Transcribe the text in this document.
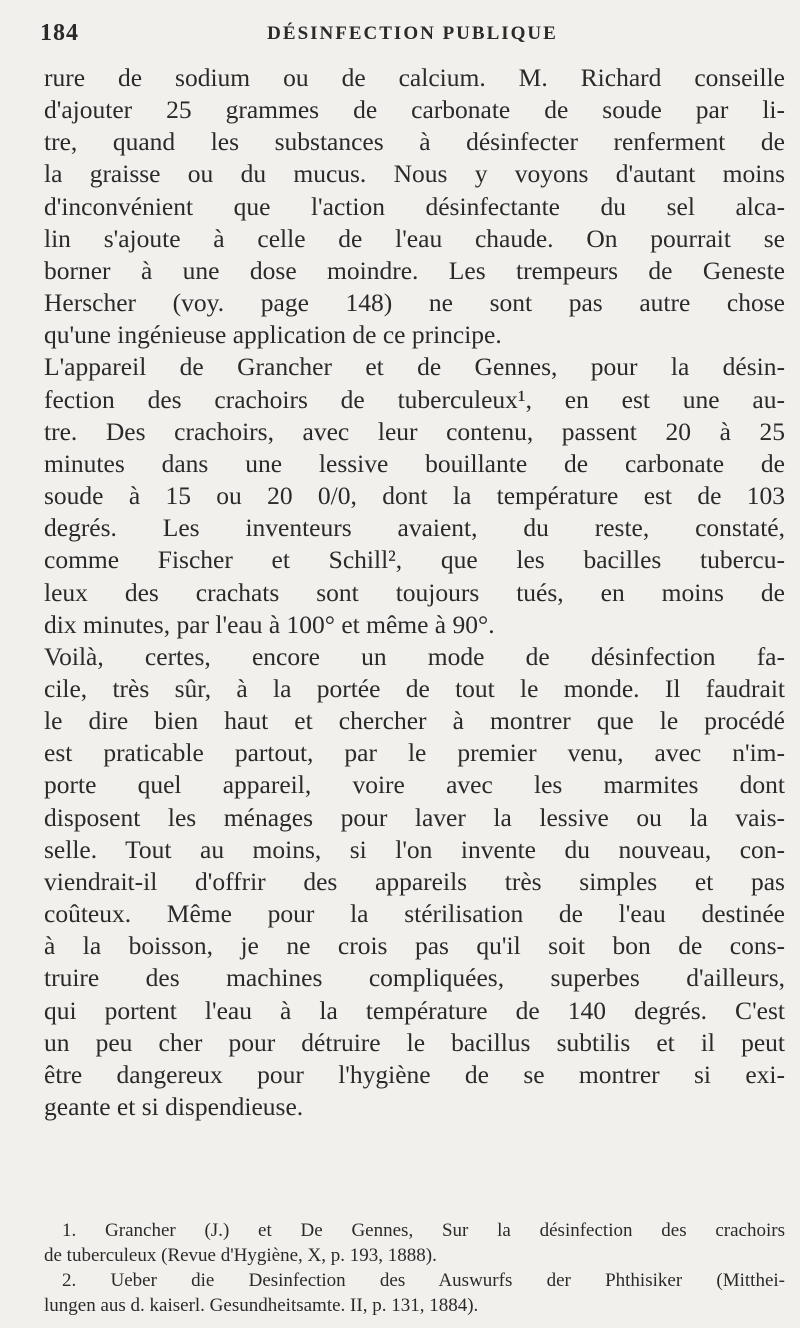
184	DÉSINFECTION PUBLIQUE
rure de sodium ou de calcium. M. Richard conseille
d'ajouter 25 grammes de carbonate de soude par li-
tre, quand les substances à désinfecter renferment de
la graisse ou du mucus. Nous y voyons d'autant moins
d'inconvénient que l'action désinfectante du sel alca-
lin s'ajoute à celle de l'eau chaude. On pourrait se
borner à une dose moindre. Les trempeurs de Geneste
Herscher (voy. page 148) ne sont pas autre chose
qu'une ingénieuse application de ce principe.
L'appareil de Grancher et de Gennes, pour la désin-
fection des crachoirs de tuberculeux¹, en est une au-
tre. Des crachoirs, avec leur contenu, passent 20 à 25
minutes dans une lessive bouillante de carbonate de
soude à 15 ou 20 0/0, dont la température est de 103
degrés. Les inventeurs avaient, du reste, constaté,
comme Fischer et Schill², que les bacilles tubercu-
leux des crachats sont toujours tués, en moins de
dix minutes, par l'eau à 100° et même à 90°.
Voilà, certes, encore un mode de désinfection fa-
cile, très sûr, à la portée de tout le monde. Il faudrait
le dire bien haut et chercher à montrer que le procédé
est praticable partout, par le premier venu, avec n'im-
porte quel appareil, voire avec les marmites dont
disposent les ménages pour laver la lessive ou la vais-
selle. Tout au moins, si l'on invente du nouveau, con-
viendrait-il d'offrir des appareils très simples et pas
coûteux. Même pour la stérilisation de l'eau destinée
à la boisson, je ne crois pas qu'il soit bon de cons-
truire des machines compliquées, superbes d'ailleurs,
qui portent l'eau à la température de 140 degrés. C'est
un peu cher pour détruire le bacillus subtilis et il peut
être dangereux pour l'hygiène de se montrer si exi-
geante et si dispendieuse.
1. Grancher (J.) et De Gennes, Sur la désinfection des crachoirs
de tuberculeux (Revue d'Hygiène, X, p. 193, 1888).
2. Ueber die Desinfection des Auswurfs der Phthisiker (Mitthei-
lungen aus d. kaiserl. Gesundheitsamte. II, p. 131, 1884).
